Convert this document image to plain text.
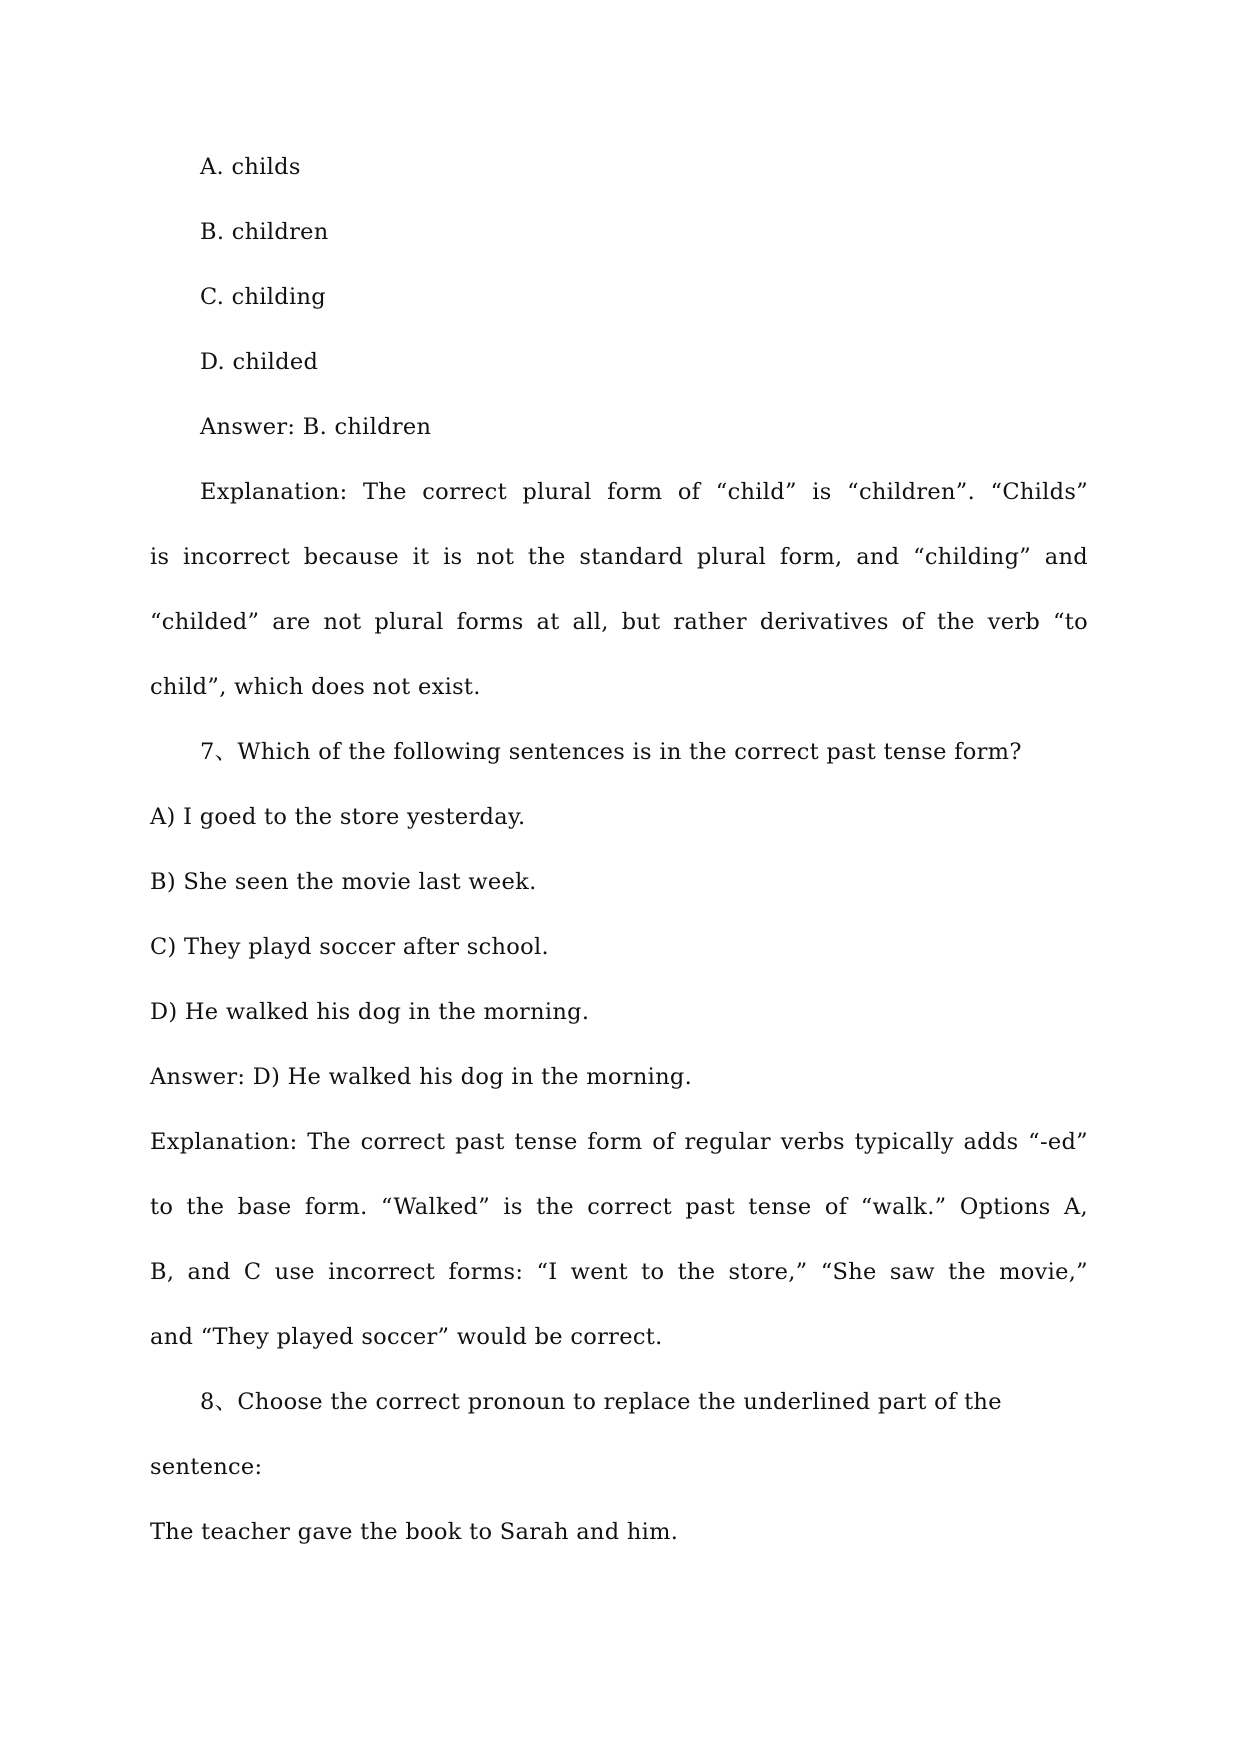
A. childs
B. children
C. childing
D. childed
Answer: B. children
Explanation: The correct plural form of “child” is “children”. “Childs”
is incorrect because it is not the standard plural form, and “childing” and
“childed” are not plural forms at all, but rather derivatives of the verb “to
child”, which does not exist.
7、Which of the following sentences is in the correct past tense form?
A) I goed to the store yesterday.
B) She seen the movie last week.
C) They playd soccer after school.
D) He walked his dog in the morning.
Answer: D) He walked his dog in the morning.
Explanation: The correct past tense form of regular verbs typically adds “-ed”
to the base form. “Walked” is the correct past tense of “walk.” Options A,
B, and C use incorrect forms: “I went to the store,” “She saw the movie,”
and “They played soccer” would be correct.
8、Choose the correct pronoun to replace the underlined part of the
sentence:
The teacher gave the book to Sarah and him.
